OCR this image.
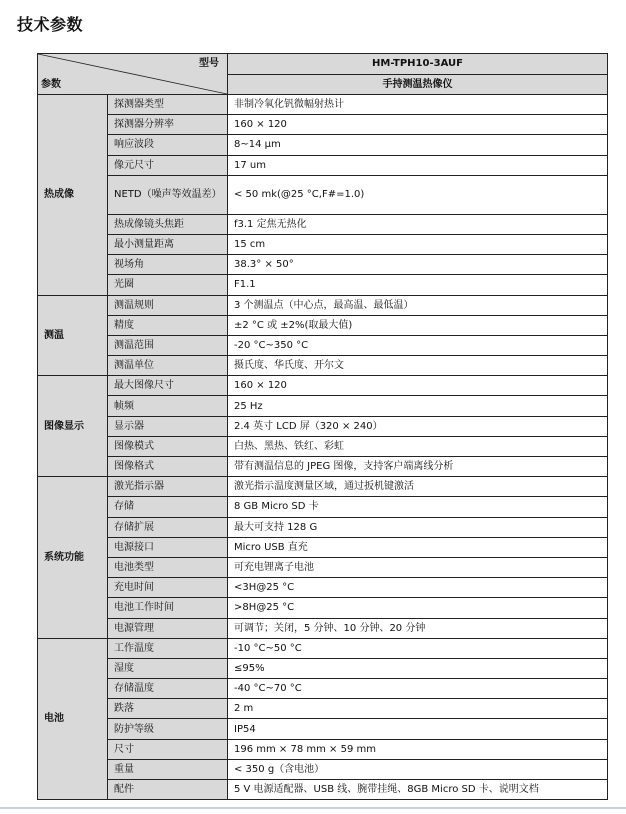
技术参数
型号
参数		HM-TPH10-3AUF
		手持测温热像仪
热成像	探测器类型	非制冷氧化钒微幅射热计
	探测器分辨率	160 × 120
	响应波段	8~14 μm
	像元尺寸	17 um
	NETD（噪声等效温差）	< 50 mk(@25 °C,F#=1.0)
	热成像镜头焦距	f3.1 定焦无热化
	最小测量距离	15 cm
	视场角	38.3° × 50°
	光圈	F1.1
测温	测温规则	3 个测温点（中心点，最高温、最低温）
	精度	±2 °C 或 ±2%(取最大值)
	测温范围	-20 °C~350 °C
	测温单位	摄氏度、华氏度、开尔文
图像显示	最大图像尺寸	160 × 120
	帧频	25 Hz
	显示器	2.4 英寸 LCD 屏（320 × 240）
	图像模式	白热、黑热、铁红、彩虹
	图像格式	带有测温信息的 JPEG 图像，支持客户端离线分析
系统功能	激光指示器	激光指示温度测量区域，通过扳机键激活
	存储	8 GB Micro SD 卡
	存储扩展	最大可支持 128 G
	电源接口	Micro USB 直充
	电池类型	可充电锂离子电池
	充电时间	<3H@25 °C
	电池工作时间	>8H@25 °C
	电源管理	可调节；关闭，5 分钟、10 分钟、20 分钟
电池	工作温度	-10 °C~50 °C
	湿度	≤95%
	存储温度	-40 °C~70 °C
	跌落	2 m
	防护等级	IP54
	尺寸	196 mm × 78 mm × 59 mm
	重量	< 350 g（含电池）
	配件	5 V 电源适配器、USB 线、腕带挂绳、8GB Micro SD 卡、说明文档
